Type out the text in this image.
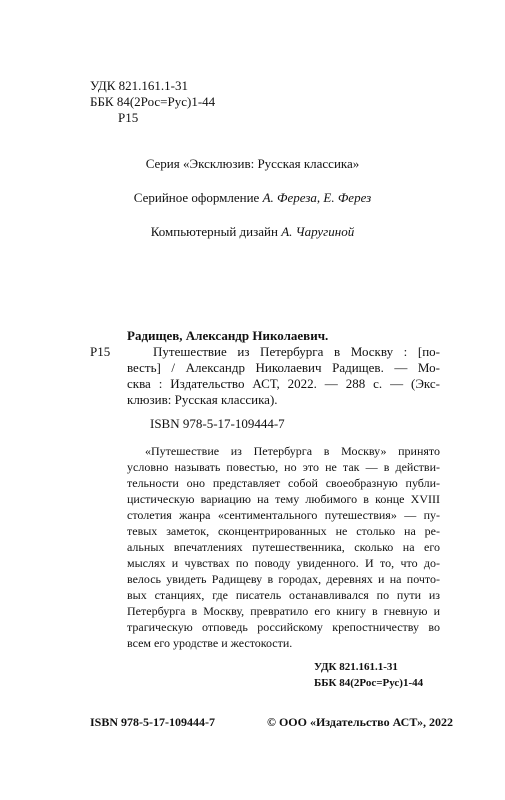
УДК 821.161.1-31
ББК 84(2Рос=Рус)1-44
Р15
Серия «Эксклюзив: Русская классика»
Серийное оформление А. Фереза, Е. Ферез
Компьютерный дизайн А. Чаругиной
Радищев, Александр Николаевич.
Р15	Путешествие из Петербурга в Москву : [по-
весть] / Александр Николаевич Радищев. — Мо-
сква : Издательство АСТ, 2022. — 288 с. — (Экс-
клюзив: Русская классика).
ISBN 978-5-17-109444-7
«Путешествие из Петербурга в Москву» принято
условно называть повестью, но это не так — в действи-
тельности оно представляет собой своеобразную публи-
цистическую вариацию на тему любимого в конце XVIII
столетия жанра «сентиментального путешествия» — пу-
тевых заметок, сконцентрированных не столько на ре-
альных впечатлениях путешественника, сколько на его
мыслях и чувствах по поводу увиденного. И то, что до-
велось увидеть Радищеву в городах, деревнях и на почто-
вых станциях, где писатель останавливался по пути из
Петербурга в Москву, превратило его книгу в гневную и
трагическую отповедь российскому крепостничеству во
всем его уродстве и жестокости.
УДК 821.161.1-31
ББК 84(2Рос=Рус)1-44
ISBN 978-5-17-109444-7	© ООО «Издательство АСТ», 2022
